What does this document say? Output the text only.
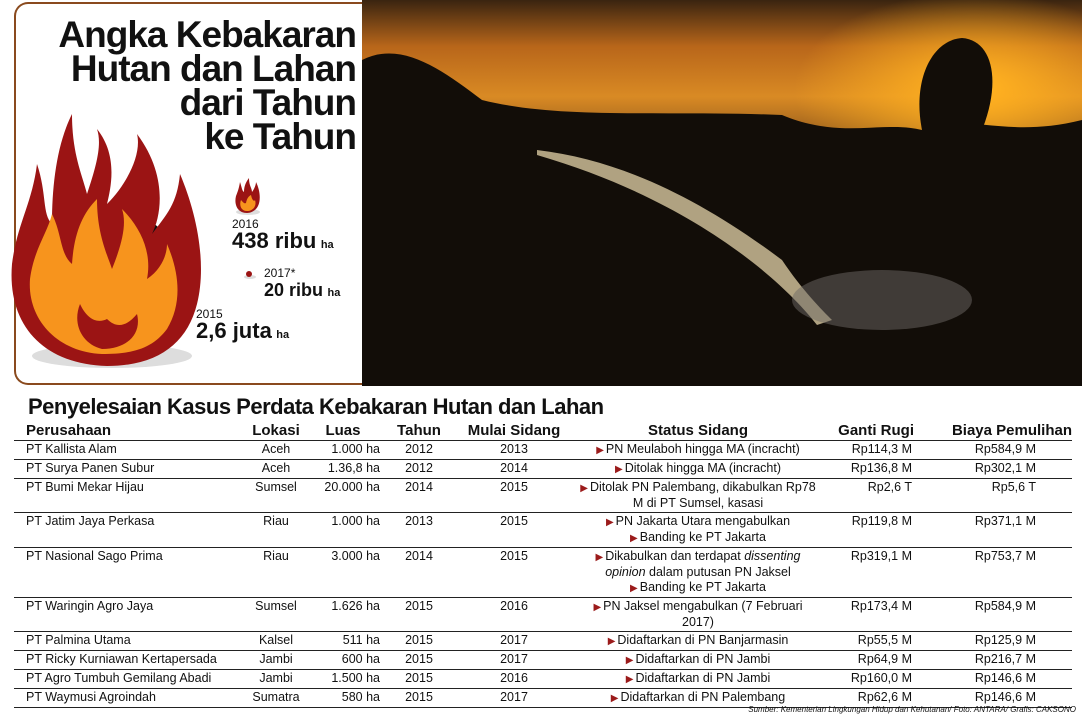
Angka Kebakaran
Hutan dan Lahan
dari Tahun
ke Tahun
2016
438 ribu ha
2017*
20 ribu ha
2015
2,6 juta ha
Penyelesaian Kasus Perdata Kebakaran Hutan dan Lahan
Perusahaan	Lokasi	Luas	Tahun	Mulai Sidang	Status Sidang	Ganti Rugi	Biaya Pemulihan
PT Kallista Alam	Aceh	1.000 ha	2012	2013	▶ PN Meulaboh hingga MA (incracht)	Rp114,3 M	Rp584,9 M
PT Surya Panen Subur	Aceh	1.36,8 ha	2012	2014	▶ Ditolak hingga MA (incracht)	Rp136,8 M	Rp302,1 M
PT Bumi Mekar Hijau	Sumsel	20.000 ha	2014	2015	▶ Ditolak PN Palembang, dikabulkan Rp78 M di PT Sumsel, kasasi
Rp2,6 T	Rp5,6 T
PT Jatim Jaya Perkasa	Riau	1.000 ha	2013	2015	▶ PN Jakarta Utara mengabulkan
▶ Banding ke PT Jakarta
Rp119,8 M	Rp371,1 M
PT Nasional Sago Prima	Riau	3.000 ha	2014	2015	▶ Dikabulkan dan terdapat dissenting opinion dalam putusan PN Jaksel
▶ Banding ke PT Jakarta
Rp319,1 M	Rp753,7 M
PT Waringin Agro Jaya	Sumsel	1.626 ha	2015	2016	▶ PN Jaksel mengabulkan (7 Februari 2017)
Rp173,4 M	Rp584,9 M
PT Palmina Utama	Kalsel	511 ha	2015	2017	▶ Didaftarkan di PN Banjarmasin	Rp55,5 M	Rp125,9 M
PT Ricky Kurniawan Kertapersada	Jambi	600 ha	2015	2017	▶ Didaftarkan di PN Jambi	Rp64,9 M	Rp216,7 M
PT Agro Tumbuh Gemilang Abadi	Jambi	1.500 ha	2015	2016	▶ Didaftarkan di PN Jambi	Rp160,0 M	Rp146,6 M
PT Waymusi Agroindah	Sumatra	580 ha	2015	2017	▶ Didaftarkan di PN Palembang	Rp62,6 M	Rp146,6 M
Sumber: Kementerian Lingkungan Hidup dan Kehutanan/ Foto: ANTARA/ Grafis: CAKSONO
